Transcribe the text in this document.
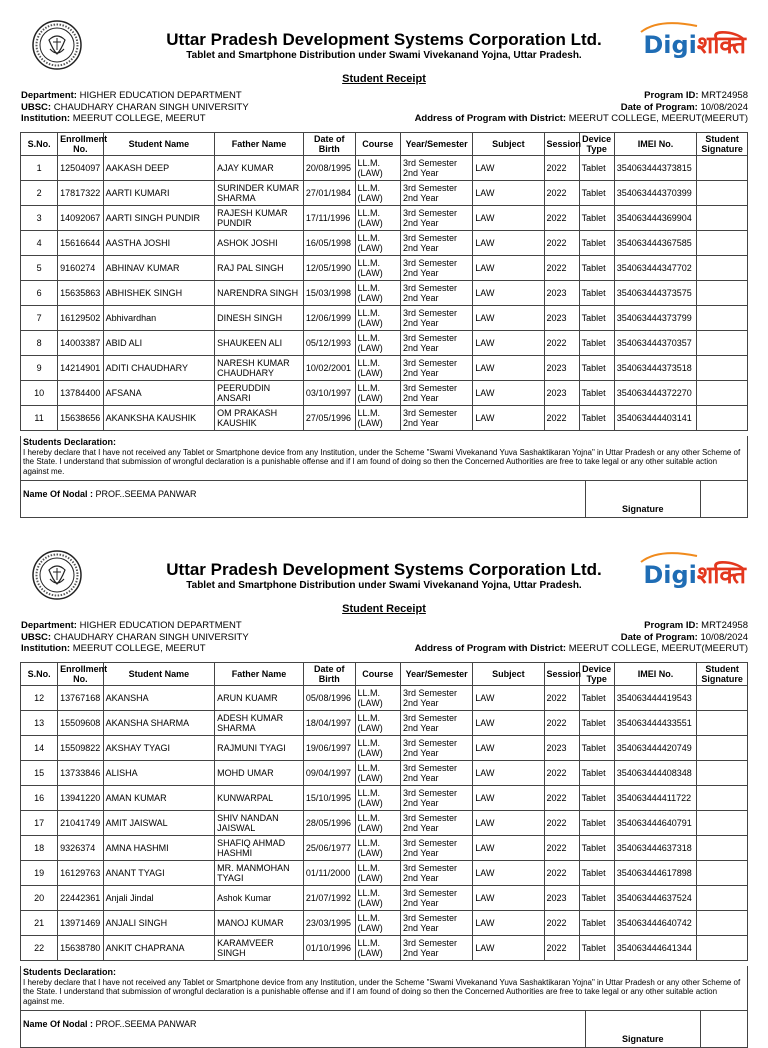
Uttar Pradesh Development Systems Corporation Ltd.
Tablet and Smartphone Distribution under Swami Vivekanand Yojna, Uttar Pradesh.	Digiशक्ति
Student Receipt
Department: HIGHER EDUCATION DEPARTMENT
UBSC: CHAUDHARY CHARAN SINGH UNIVERSITY
Institution: MEERUT COLLEGE, MEERUT
Program ID: MRT24958
Date of Program: 10/08/2024
Address of Program with District: MEERUT COLLEGE, MEERUT(MEERUT)
S.No.	Enrollment No.	Student Name	Father Name	Date of Birth	Course	Year/Semester	Subject	Session	Device Type	IMEI No.	Student Signature
1	12504097	AAKASH DEEP	AJAY KUMAR	20/08/1995	LL.M. (LAW)	3rd Semester 2nd Year	LAW	2022	Tablet	354063444373815	
2	17817322	AARTI KUMARI	SURINDER KUMAR SHARMA	27/01/1984	LL.M. (LAW)	3rd Semester 2nd Year	LAW	2022	Tablet	354063444370399	
3	14092067	AARTI SINGH PUNDIR	RAJESH KUMAR PUNDIR	17/11/1996	LL.M. (LAW)	3rd Semester 2nd Year	LAW	2022	Tablet	354063444369904	
4	15616644	AASTHA JOSHI	ASHOK JOSHI	16/05/1998	LL.M. (LAW)	3rd Semester 2nd Year	LAW	2022	Tablet	354063444367585	
5	9160274	ABHINAV KUMAR	RAJ PAL SINGH	12/05/1990	LL.M. (LAW)	3rd Semester 2nd Year	LAW	2022	Tablet	354063444347702	
6	15635863	ABHISHEK SINGH	NARENDRA SINGH	15/03/1998	LL.M. (LAW)	3rd Semester 2nd Year	LAW	2023	Tablet	354063444373575	
7	16129502	Abhivardhan	DINESH SINGH	12/06/1999	LL.M. (LAW)	3rd Semester 2nd Year	LAW	2023	Tablet	354063444373799	
8	14003387	ABID ALI	SHAUKEEN ALI	05/12/1993	LL.M. (LAW)	3rd Semester 2nd Year	LAW	2022	Tablet	354063444370357	
9	14214901	ADITI CHAUDHARY	NARESH KUMAR CHAUDHARY	10/02/2001	LL.M. (LAW)	3rd Semester 2nd Year	LAW	2023	Tablet	354063444373518	
10	13784400	AFSANA	PEERUDDIN ANSARI	03/10/1997	LL.M. (LAW)	3rd Semester 2nd Year	LAW	2023	Tablet	354063444372270	
11	15638656	AKANKSHA KAUSHIK	OM PRAKASH KAUSHIK	27/05/1996	LL.M. (LAW)	3rd Semester 2nd Year	LAW	2022	Tablet	354063444403141	
Students Declaration:
I hereby declare that I have not received any Tablet or Smartphone device from any Institution, under the Scheme "Swami Vivekanand Yuva Sashaktikaran Yojna" in Uttar Pradesh or any other Scheme of the State. I understand that submission of wrongful declaration is a punishable offense and if I am found of doing so then the Concerned Authorities are free to take legal or any other suitable action against me.
Name Of Nodal : PROF..SEEMA PANWAR
Signature
Uttar Pradesh Development Systems Corporation Ltd.
Tablet and Smartphone Distribution under Swami Vivekanand Yojna, Uttar Pradesh.	Digiशक्ति
Student Receipt
Department: HIGHER EDUCATION DEPARTMENT
UBSC: CHAUDHARY CHARAN SINGH UNIVERSITY
Institution: MEERUT COLLEGE, MEERUT
Program ID: MRT24958
Date of Program: 10/08/2024
Address of Program with District: MEERUT COLLEGE, MEERUT(MEERUT)
S.No.	Enrollment No.	Student Name	Father Name	Date of Birth	Course	Year/Semester	Subject	Session	Device Type	IMEI No.	Student Signature
12	13767168	AKANSHA	ARUN KUAMR	05/08/1996	LL.M. (LAW)	3rd Semester 2nd Year	LAW	2022	Tablet	354063444419543	
13	15509608	AKANSHA SHARMA	ADESH KUMAR SHARMA	18/04/1997	LL.M. (LAW)	3rd Semester 2nd Year	LAW	2022	Tablet	354063444433551	
14	15509822	AKSHAY TYAGI	RAJMUNI TYAGI	19/06/1997	LL.M. (LAW)	3rd Semester 2nd Year	LAW	2023	Tablet	354063444420749	
15	13733846	ALISHA	MOHD UMAR	09/04/1997	LL.M. (LAW)	3rd Semester 2nd Year	LAW	2022	Tablet	354063444408348	
16	13941220	AMAN KUMAR	KUNWARPAL	15/10/1995	LL.M. (LAW)	3rd Semester 2nd Year	LAW	2022	Tablet	354063444411722	
17	21041749	AMIT JAISWAL	SHIV NANDAN JAISWAL	28/05/1996	LL.M. (LAW)	3rd Semester 2nd Year	LAW	2022	Tablet	354063444640791	
18	9326374	AMNA HASHMI	SHAFIQ AHMAD HASHMI	25/06/1977	LL.M. (LAW)	3rd Semester 2nd Year	LAW	2022	Tablet	354063444637318	
19	16129763	ANANT TYAGI	MR. MANMOHAN TYAGI	01/11/2000	LL.M. (LAW)	3rd Semester 2nd Year	LAW	2022	Tablet	354063444617898	
20	22442361	Anjali Jindal	Ashok Kumar	21/07/1992	LL.M. (LAW)	3rd Semester 2nd Year	LAW	2023	Tablet	354063444637524	
21	13971469	ANJALI SINGH	MANOJ KUMAR	23/03/1995	LL.M. (LAW)	3rd Semester 2nd Year	LAW	2022	Tablet	354063444640742	
22	15638780	ANKIT CHAPRANA	KARAMVEER SINGH	01/10/1996	LL.M. (LAW)	3rd Semester 2nd Year	LAW	2022	Tablet	354063444641344	
Students Declaration:
I hereby declare that I have not received any Tablet or Smartphone device from any Institution, under the Scheme "Swami Vivekanand Yuva Sashaktikaran Yojna" in Uttar Pradesh or any other Scheme of the State. I understand that submission of wrongful declaration is a punishable offense and if I am found of doing so then the Concerned Authorities are free to take legal or any other suitable action against me.
Name Of Nodal : PROF..SEEMA PANWAR
Signature
